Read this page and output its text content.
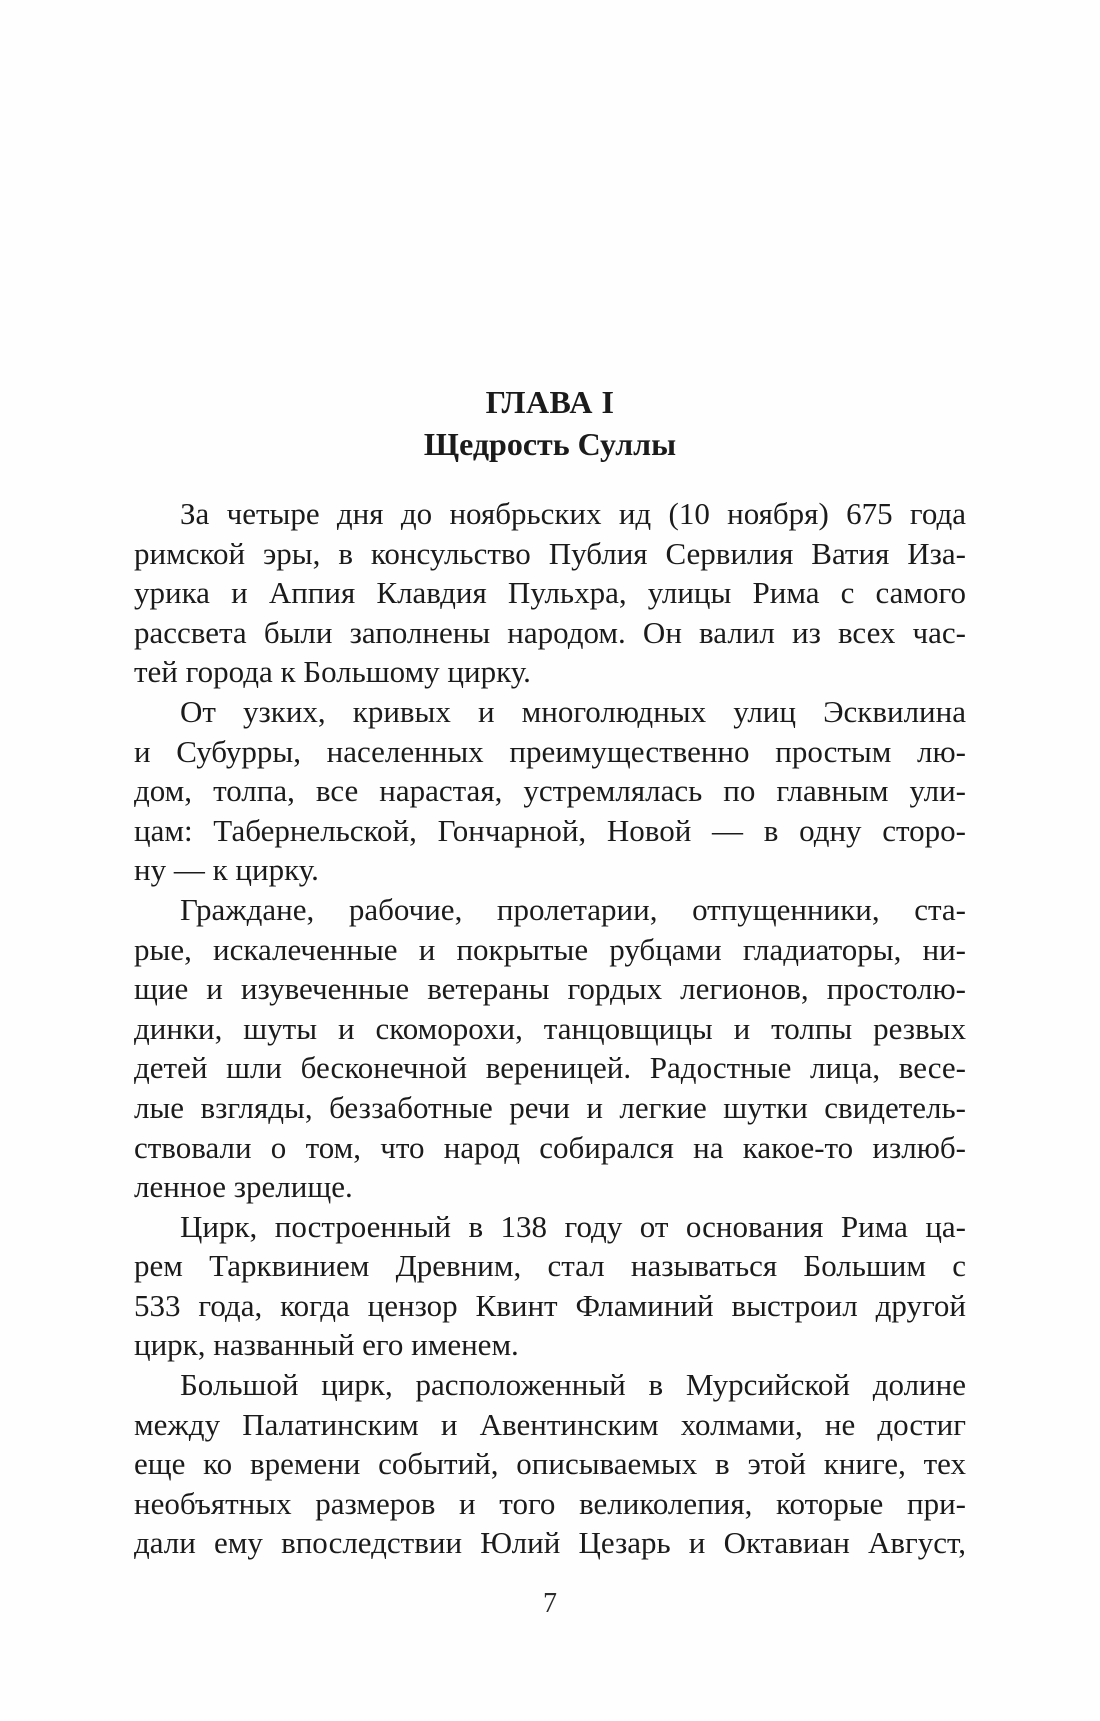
ГЛАВА I
Щедрость Суллы
За четыре дня до ноябрьских ид (10 ноября) 675 года
римской эры, в консульство Публия Сервилия Ватия Иза-
урика и Аппия Клавдия Пульхра, улицы Рима с самого
рассвета были заполнены народом. Он валил из всех час-
тей города к Большому цирку.
От узких, кривых и многолюдных улиц Эсквилина
и Субурры, населенных преимущественно простым лю-
дом, толпа, все нарастая, устремлялась по главным ули-
цам: Табернельской, Гончарной, Новой — в одну сторо-
ну — к цирку.
Граждане, рабочие, пролетарии, отпущенники, ста-
рые, искалеченные и покрытые рубцами гладиаторы, ни-
щие и изувеченные ветераны гордых легионов, простолю-
динки, шуты и скоморохи, танцовщицы и толпы резвых
детей шли бесконечной вереницей. Радостные лица, весе-
лые взгляды, беззаботные речи и легкие шутки свидетель-
ствовали о том, что народ собирался на какое-то излюб-
ленное зрелище.
Цирк, построенный в 138 году от основания Рима ца-
рем Тарквинием Древним, стал называться Большим с
533 года, когда цензор Квинт Фламиний выстроил другой
цирк, названный его именем.
Большой цирк, расположенный в Мурсийской долине
между Палатинским и Авентинским холмами, не достиг
еще ко времени событий, описываемых в этой книге, тех
необъятных размеров и того великолепия, которые при-
дали ему впоследствии Юлий Цезарь и Октавиан Август,
7
